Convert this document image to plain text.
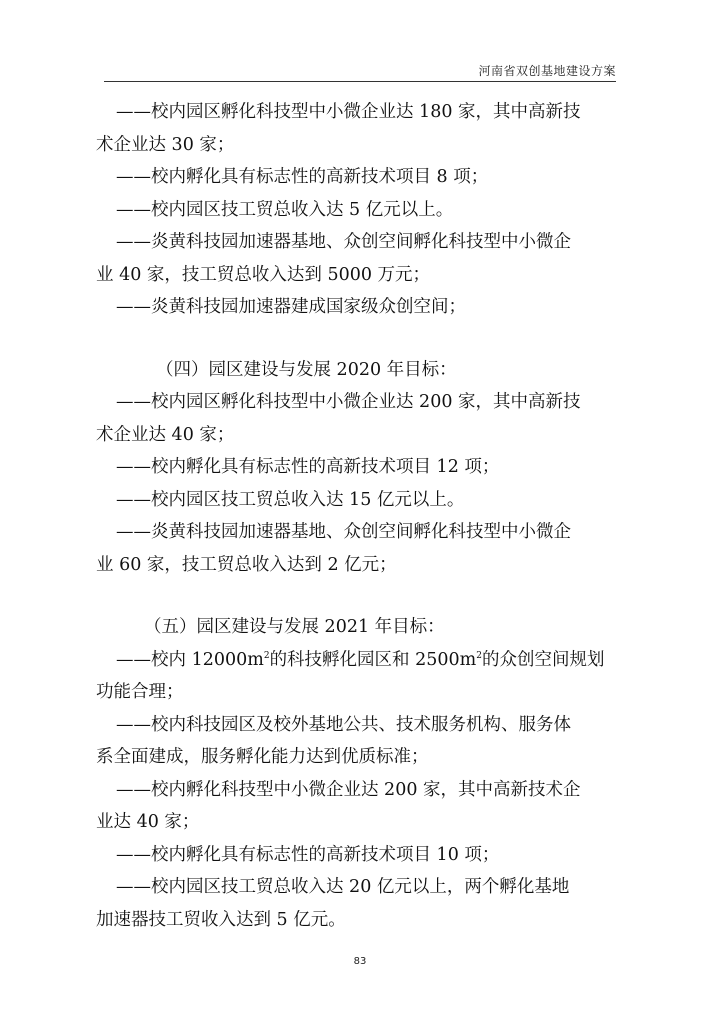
河南省双创基地建设方案

——校内园区孵化科技型中小微企业达 180 家，其中高新技

术企业达 30 家；

——校内孵化具有标志性的高新技术项目 8 项；

——校内园区技工贸总收入达 5 亿元以上。

——炎黄科技园加速器基地、众创空间孵化科技型中小微企

业 40 家，技工贸总收入达到 5000 万元；

——炎黄科技园加速器建成国家级众创空间；

（四）园区建设与发展 2020 年目标：

——校内园区孵化科技型中小微企业达 200 家，其中高新技

术企业达 40 家；

——校内孵化具有标志性的高新技术项目 12 项；

——校内园区技工贸总收入达 15 亿元以上。

——炎黄科技园加速器基地、众创空间孵化科技型中小微企

业 60 家，技工贸总收入达到 2 亿元；

（五）园区建设与发展 2021 年目标：

——校内 $12000m^2$的科技孵化园区和 $2500m^2$的众创空间规划

功能合理；

——校内科技园区及校外基地公共、技术服务机构、服务体

系全面建成，服务孵化能力达到优质标准；

——校内孵化科技型中小微企业达 200 家，其中高新技术企

业达 40 家；

——校内孵化具有标志性的高新技术项目 10 项；

——校内园区技工贸总收入达 20 亿元以上，两个孵化基地

加速器技工贸收入达到 5 亿元。

83
